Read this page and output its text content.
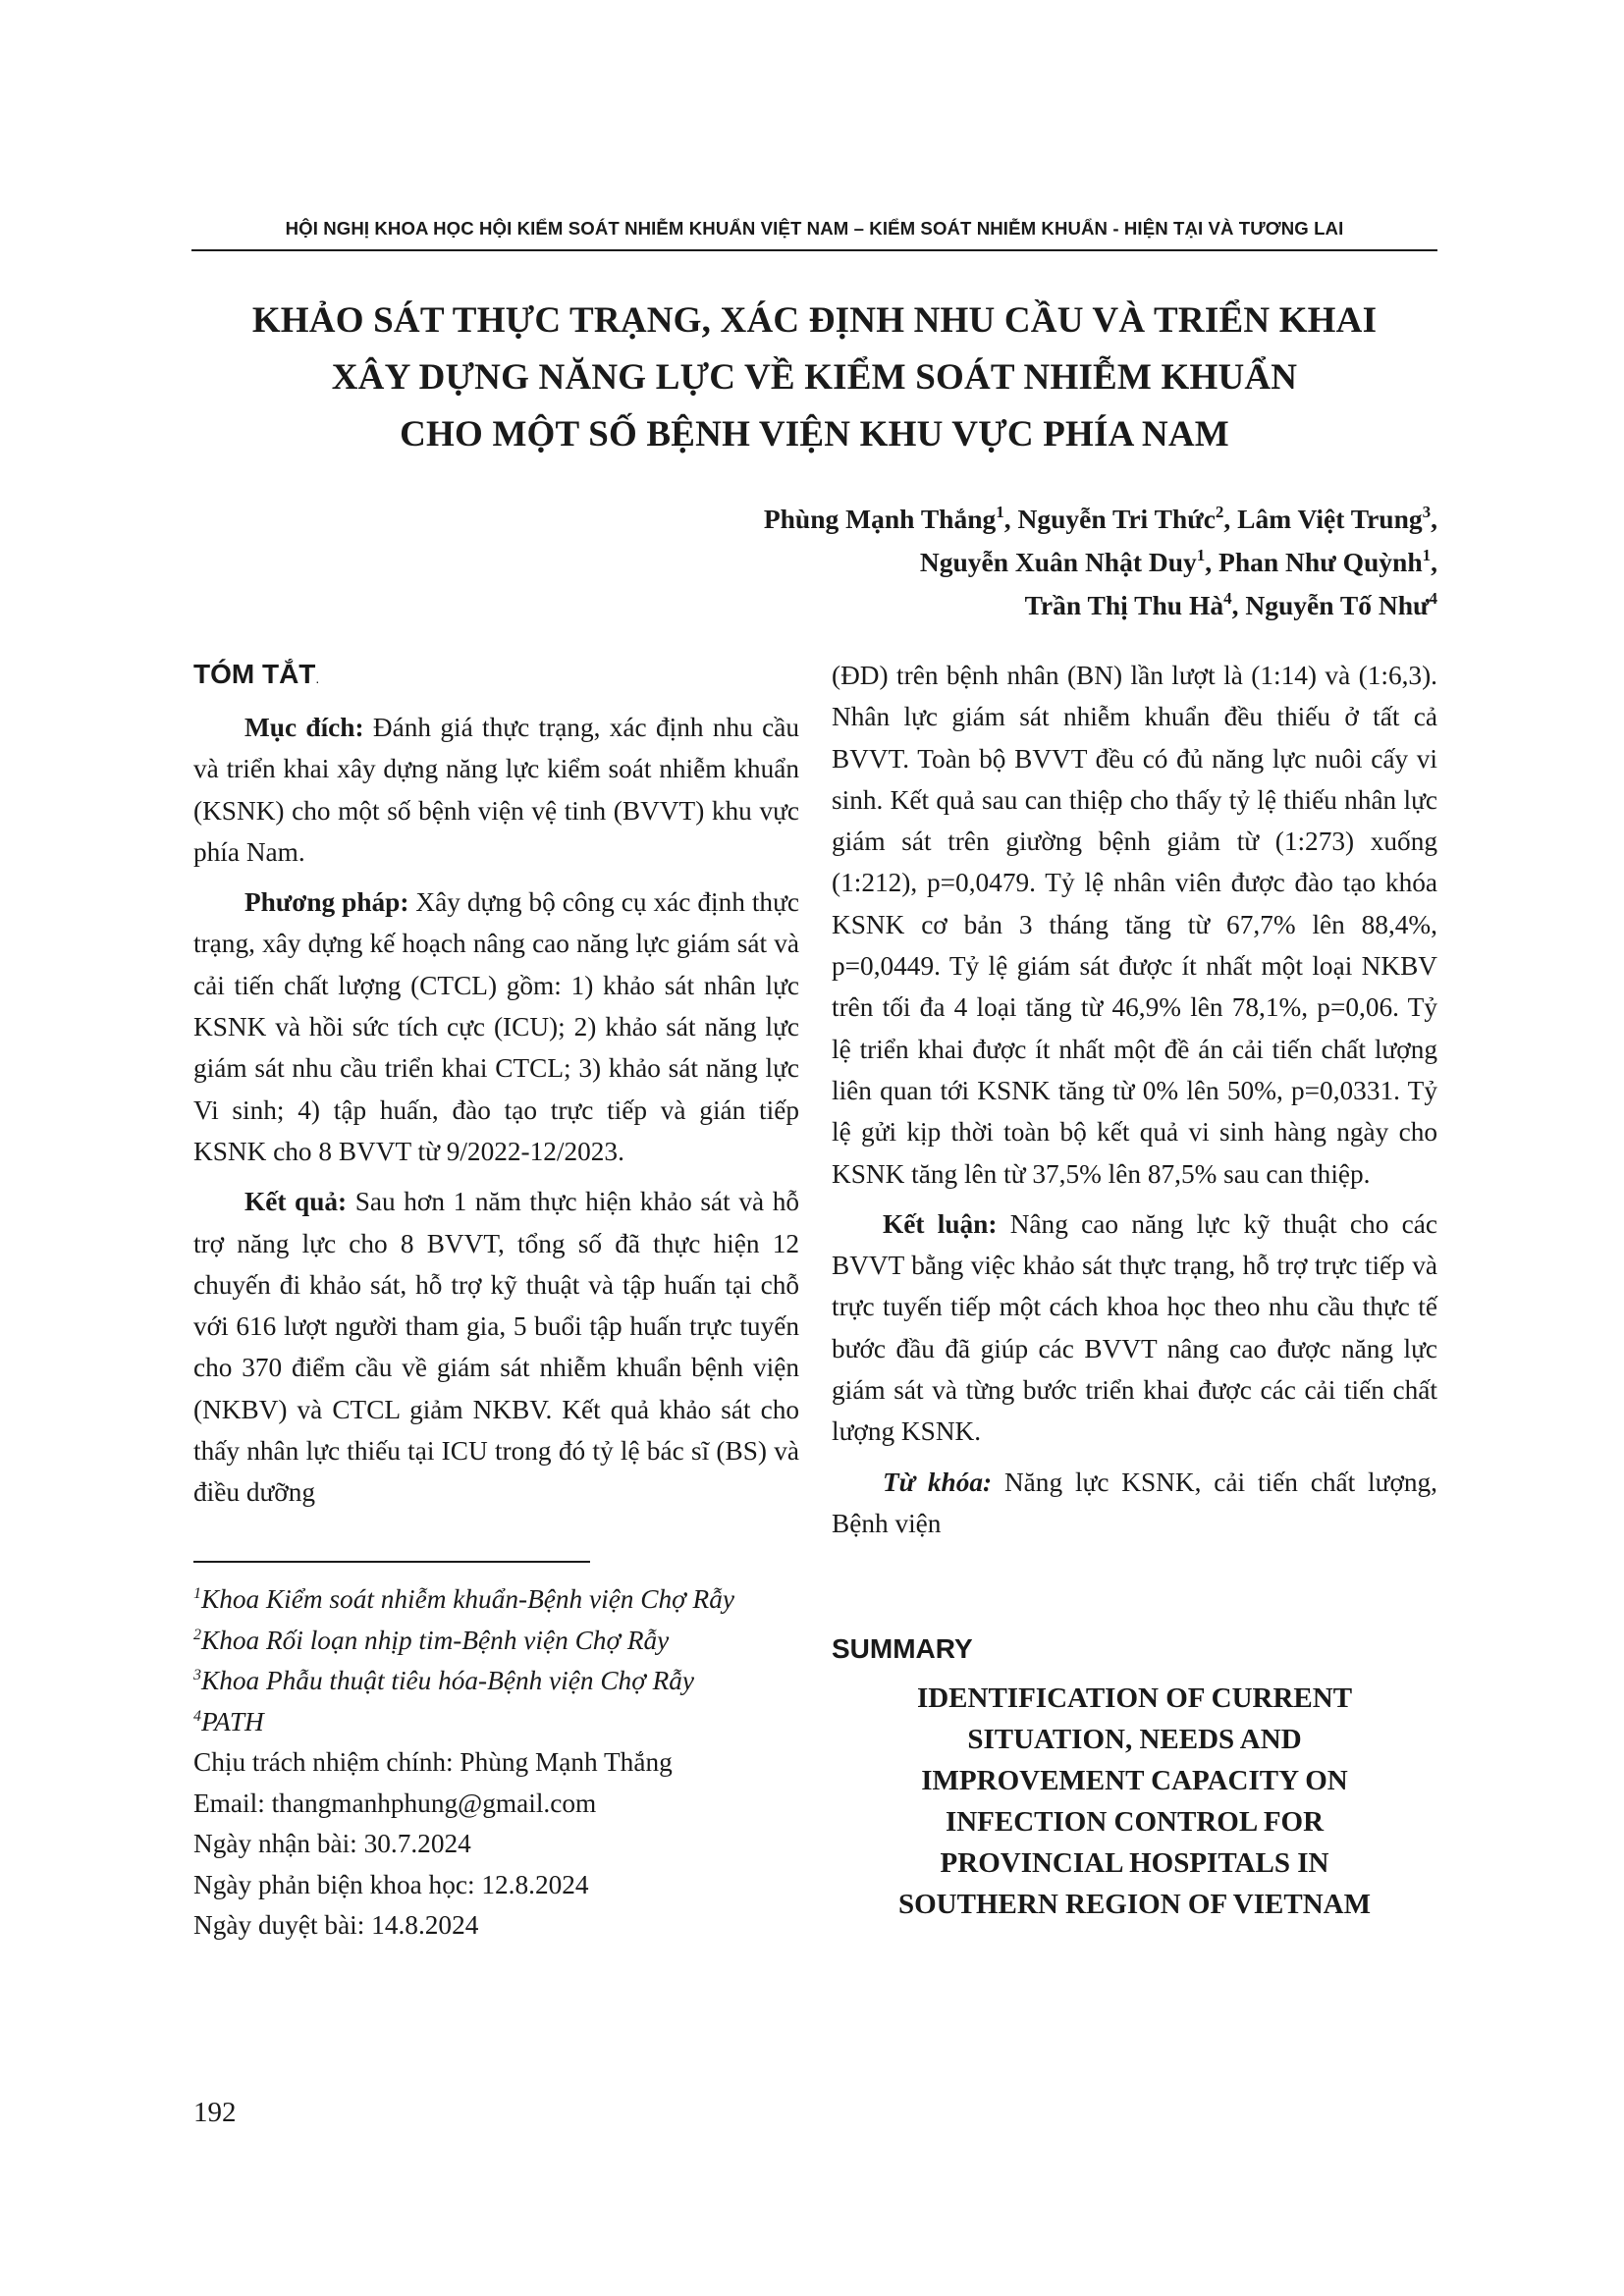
HỘI NGHỊ KHOA HỌC HỘI KIỂM SOÁT NHIỄM KHUẨN VIỆT NAM – KIỂM SOÁT NHIỄM KHUẨN - HIỆN TẠI VÀ TƯƠNG LAI
KHẢO SÁT THỰC TRẠNG, XÁC ĐỊNH NHU CẦU VÀ TRIỂN KHAI
XÂY DỰNG NĂNG LỰC VỀ KIỂM SOÁT NHIỄM KHUẨN
CHO MỘT SỐ BỆNH VIỆN KHU VỰC PHÍA NAM
Phùng Mạnh Thắng$^1$, Nguyễn Tri Thức$^2$, Lâm Việt Trung$^3$,
Nguyễn Xuân Nhật Duy$^1$, Phan Như Quỳnh$^1$,
Trần Thị Thu $Hà^4$, Nguyễn Tố Như$^4$
TÓM TẮT.

Mục đích: Đánh giá thực trạng, xác định nhu cầu và triển khai xây dựng năng lực kiểm soát nhiễm khuẩn (KSNK) cho một số bệnh viện vệ tinh (BVVT) khu vực phía Nam.

Phương pháp: Xây dựng bộ công cụ xác định thực trạng, xây dựng kế hoạch nâng cao năng lực giám sát và cải tiến chất lượng (CTCL) gồm: 1) khảo sát nhân lực KSNK và hồi sức tích cực (ICU); 2) khảo sát năng lực giám sát nhu cầu triển khai CTCL; 3) khảo sát năng lực Vi sinh; 4) tập huấn, đào tạo trực tiếp và gián tiếp KSNK cho 8 BVVT từ 9/2022-12/2023.

Kết quả: Sau hơn 1 năm thực hiện khảo sát và hỗ trợ năng lực cho 8 BVVT, tổng số đã thực hiện 12 chuyến đi khảo sát, hỗ trợ kỹ thuật và tập huấn tại chỗ với 616 lượt người tham gia, 5 buổi tập huấn trực tuyến cho 370 điểm cầu về giám sát nhiễm khuẩn bệnh viện (NKBV) và CTCL giảm NKBV. Kết quả khảo sát cho thấy nhân lực thiếu tại ICU trong đó tỷ lệ bác sĩ (BS) và điều dưỡng

$^1$Khoa Kiểm soát nhiễm khuẩn-Bệnh viện Chợ Rẫy
$^2$Khoa Rối loạn nhịp tim-Bệnh viện Chợ Rẫy
$^3$Khoa Phẫu thuật tiêu hóa-Bệnh viện Chợ Rẫy
$^4$PATH
Chịu trách nhiệm chính: Phùng Mạnh Thắng
Email: thangmanhphung@gmail.com
Ngày nhận bài: 30.7.2024
Ngày phản biện khoa học: 12.8.2024
Ngày duyệt bài: 14.8.2024

(ĐD) trên bệnh nhân (BN) lần lượt là (1:14) và (1:6,3). Nhân lực giám sát nhiễm khuẩn đều thiếu ở tất cả BVVT. Toàn bộ BVVT đều có đủ năng lực nuôi cấy vi sinh. Kết quả sau can thiệp cho thấy tỷ lệ thiếu nhân lực giám sát trên giường bệnh giảm từ (1:273) xuống (1:212), p=0,0479. Tỷ lệ nhân viên được đào tạo khóa KSNK cơ bản 3 tháng tăng từ 67,7% lên 88,4%, p=0,0449. Tỷ lệ giám sát được ít nhất một loại NKBV trên tối đa 4 loại tăng từ 46,9% lên 78,1%, p=0,06. Tỷ lệ triển khai được ít nhất một đề án cải tiến chất lượng liên quan tới KSNK tăng từ 0% lên 50%, p=0,0331. Tỷ lệ gửi kịp thời toàn bộ kết quả vi sinh hàng ngày cho KSNK tăng lên từ 37,5% lên 87,5% sau can thiệp.

Kết luận: Nâng cao năng lực kỹ thuật cho các BVVT bằng việc khảo sát thực trạng, hỗ trợ trực tiếp và trực tuyến tiếp một cách khoa học theo nhu cầu thực tế bước đầu đã giúp các BVVT nâng cao được năng lực giám sát và từng bước triển khai được các cải tiến chất lượng KSNK.

Từ khóa: Năng lực KSNK, cải tiến chất lượng, Bệnh viện

SUMMARY
IDENTIFICATION OF CURRENT
SITUATION, NEEDS AND
IMPROVEMENT CAPACITY ON
INFECTION CONTROL FOR
PROVINCIAL HOSPITALS IN
SOUTHERN REGION OF VIETNAM
192
